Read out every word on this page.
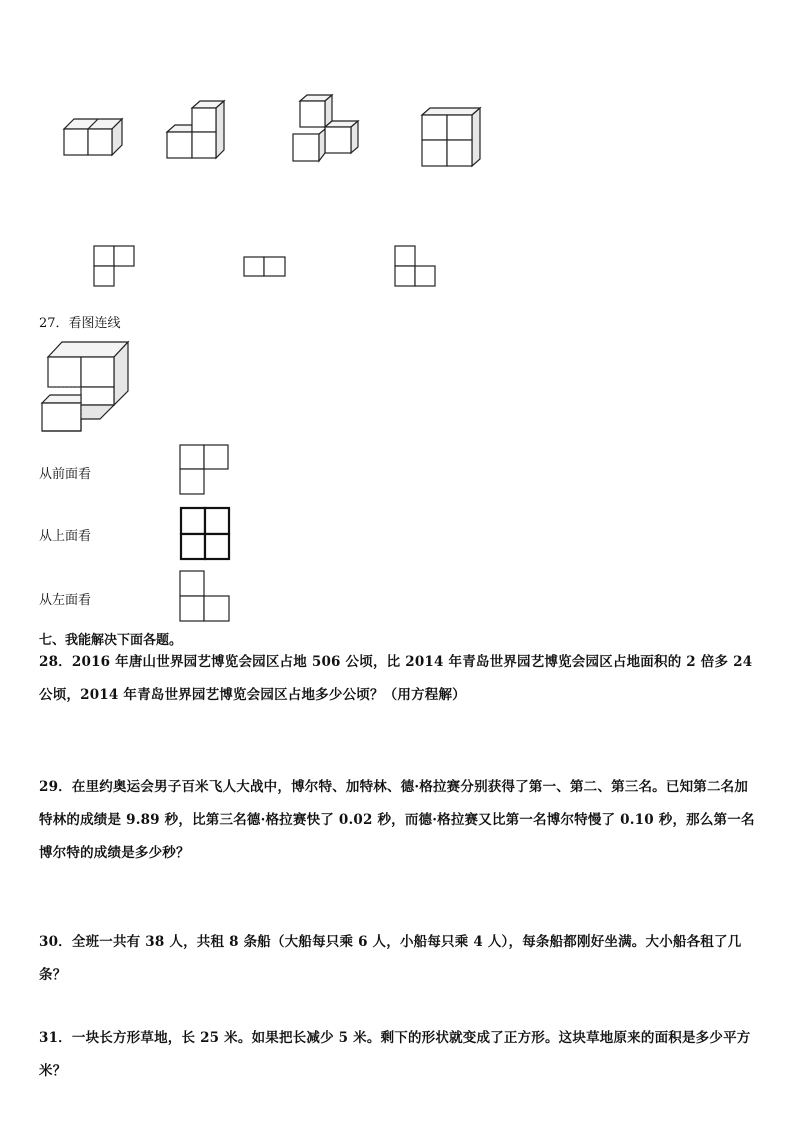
27．看图连线
从前面看
从上面看
从左面看
七、我能解决下面各题。
28．2016 年唐山世界园艺博览会园区占地 506 公顷，比 2014 年青岛世界园艺博览会园区占地面积的 2 倍多 24 公顷，2014 年青岛世界园艺博览会园区占地多少公顷？（用方程解）
29．在里约奥运会男子百米飞人大战中，博尔特、加特林、德·格拉赛分别获得了第一、第二、第三名。已知第二名加特林的成绩是 9.89 秒，比第三名德·格拉赛快了 0.02 秒，而德·格拉赛又比第一名博尔特慢了 0.10 秒，那么第一名博尔特的成绩是多少秒？
30．全班一共有 38 人，共租 8 条船（大船每只乘 6 人，小船每只乘 4 人），每条船都刚好坐满。大小船各租了几条？
31．一块长方形草地，长 25 米。如果把长减少 5 米。剩下的形状就变成了正方形。这块草地原来的面积是多少平方米？
